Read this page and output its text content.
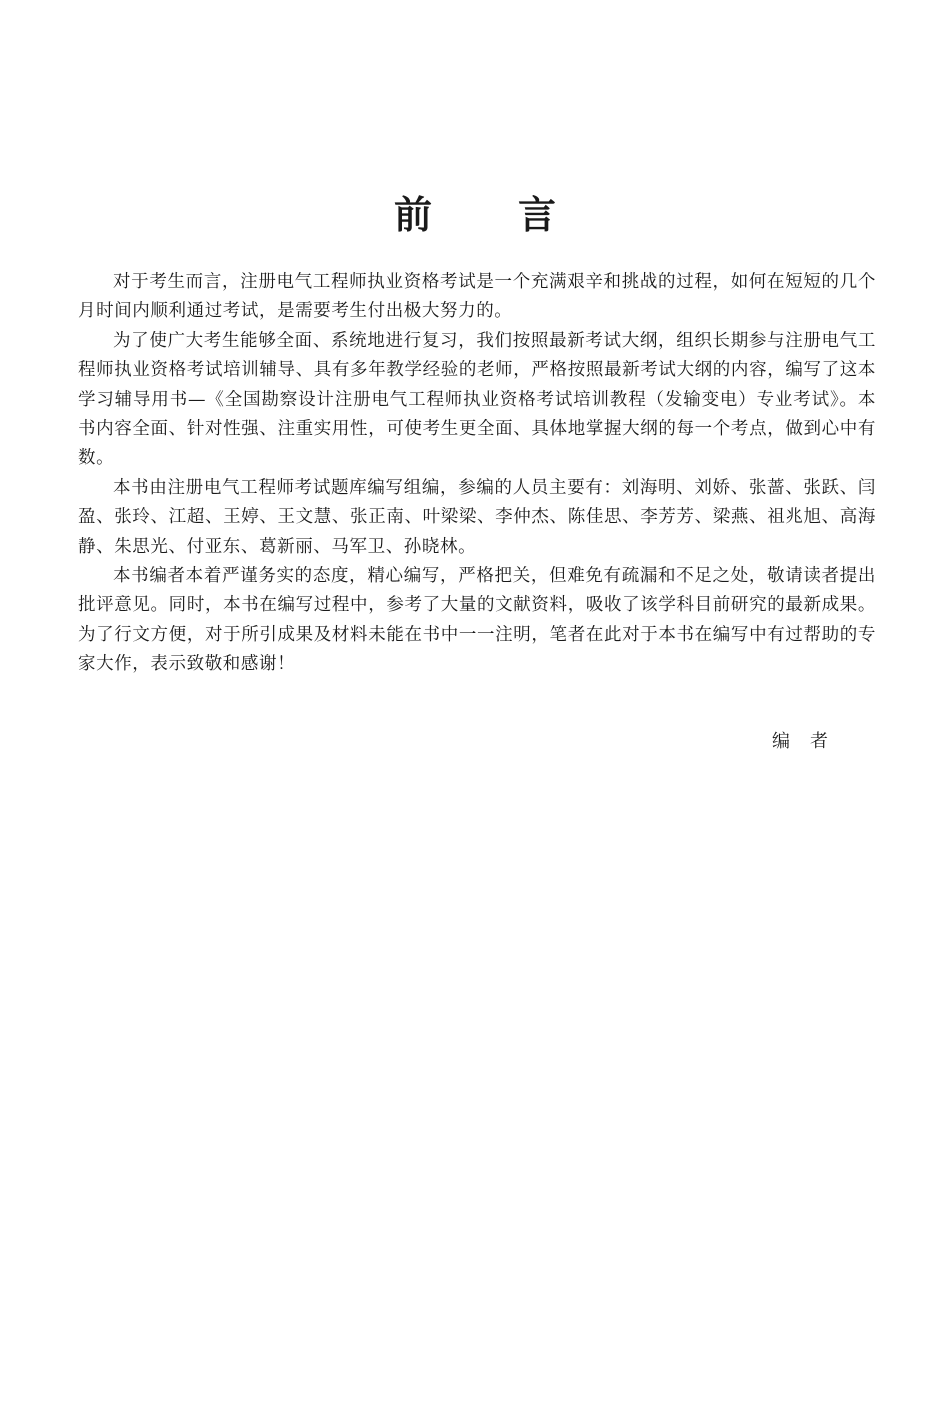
前 言

对于考生而言，注册电气工程师执业资格考试是一个充满艰辛和挑战的过程，如何在短短的几个月时间内顺利通过考试，是需要考生付出极大努力的。

为了使广大考生能够全面、系统地进行复习，我们按照最新考试大纲，组织长期参与注册电气工程师执业资格考试培训辅导、具有多年教学经验的老师，严格按照最新考试大纲的内容，编写了这本学习辅导用书—《全国勘察设计注册电气工程师执业资格考试培训教程（发输变电）专业考试》。本书内容全面、针对性强、注重实用性，可使考生更全面、具体地掌握大纲的每一个考点，做到心中有数。

本书由注册电气工程师考试题库编写组编，参编的人员主要有：刘海明、刘娇、张蔷、张跃、闫盈、张玲、江超、王婷、王文慧、张正南、叶梁梁、李仲杰、陈佳思、李芳芳、梁燕、祖兆旭、高海静、朱思光、付亚东、葛新丽、马军卫、孙晓林。

本书编者本着严谨务实的态度，精心编写，严格把关，但难免有疏漏和不足之处，敬请读者提出批评意见。同时，本书在编写过程中，参考了大量的文献资料，吸收了该学科目前研究的最新成果。为了行文方便，对于所引成果及材料未能在书中一一注明，笔者在此对于本书在编写中有过帮助的专家大作，表示致敬和感谢！

编 者
